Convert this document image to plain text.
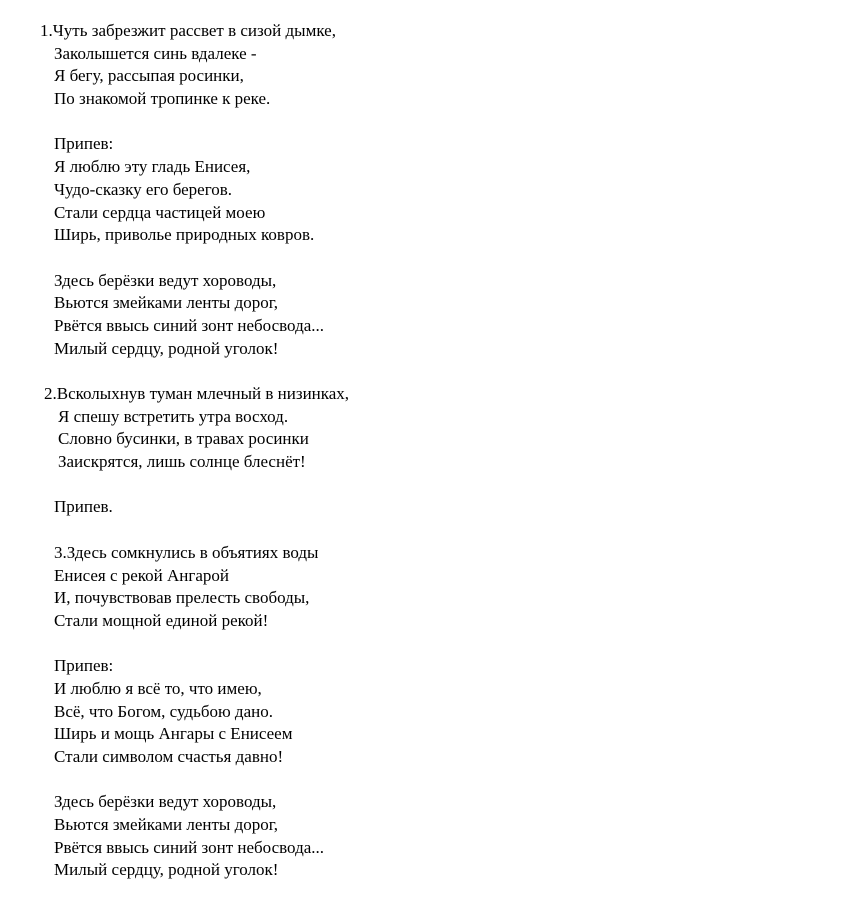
1.Чуть забрезжит рассвет в сизой дымке,
Заколышется синь вдалеке -
Я бегу, рассыпая росинки,
По знакомой тропинке к реке.
Припев:
Я люблю эту гладь Енисея,
Чудо-сказку его берегов.
Стали сердца частицей моею
Ширь, приволье природных ковров.
Здесь берёзки ведут хороводы,
Вьются змейками ленты дорог,
Рвётся ввысь синий зонт небосвода...
Милый сердцу, родной уголок!
2.Всколыхнув туман млечный в низинках,
Я спешу встретить утра восход.
Словно бусинки, в травах росинки
Заискрятся, лишь солнце блеснёт!
Припев.
3.Здесь сомкнулись в объятиях воды
Енисея с рекой Ангарой
И, почувствовав прелесть свободы,
Стали мощной единой рекой!
Припев:
И люблю я всё то, что имею,
Всё, что Богом, судьбою дано.
Ширь и мощь Ангары с Енисеем
Стали символом счастья давно!
Здесь берёзки ведут хороводы,
Вьются змейками ленты дорог,
Рвётся ввысь синий зонт небосвода...
Милый сердцу, родной уголок!
